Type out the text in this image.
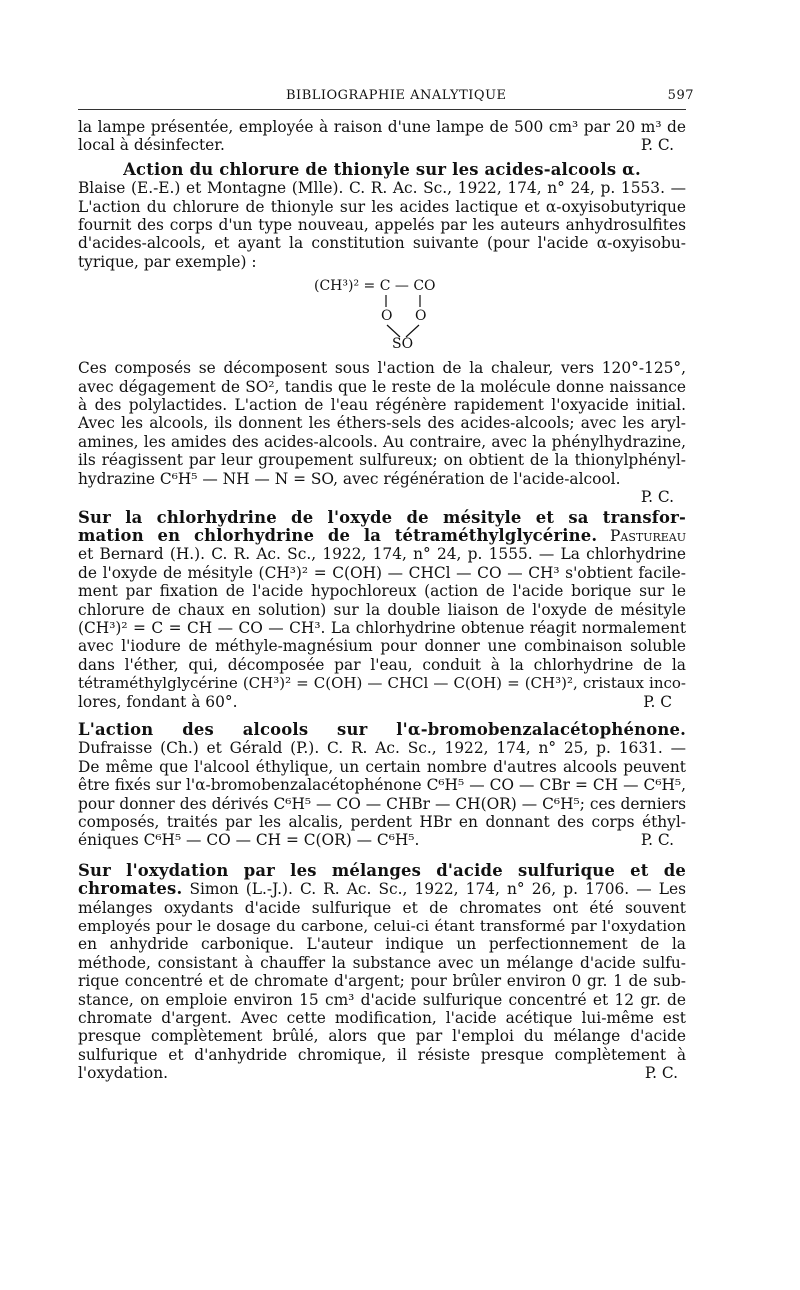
BIBLIOGRAPHIE ANALYTIQUE	597
la lampe présentée, employée à raison d'une lampe de 500 cm³ par 20 m³ de
local à désinfecter.	P. C.
Action du chlorure de thionyle sur les acides-alcools α.
Blaise (E.-E.) et Montagne (Mlle). C. R. Ac. Sc., 1922, 174, n° 24, p. 1553. —
L'action du chlorure de thionyle sur les acides lactique et α-oxyisobutyrique
fournit des corps d'un type nouveau, appelés par les auteurs anhydrosulfites
d'acides-alcools, et ayant la constitution suivante (pour l'acide α-oxyisobu-
tyrique, par exemple) :
(CH³)² = C — CO
O O
SO
Ces composés se décomposent sous l'action de la chaleur, vers 120°-125°,
avec dégagement de SO², tandis que le reste de la molécule donne naissance
à des polylactides. L'action de l'eau régénère rapidement l'oxyacide initial.
Avec les alcools, ils donnent les éthers-sels des acides-alcools; avec les aryl-
amines, les amides des acides-alcools. Au contraire, avec la phénylhydrazine,
ils réagissent par leur groupement sulfureux; on obtient de la thionylphényl-
hydrazine C⁶H⁵ — NH — N = SO, avec régénération de l'acide-alcool.
P. C.
Sur la chlorhydrine de l'oxyde de mésityle et sa transfor-
mation en chlorhydrine de la tétraméthylglycérine. Pastureau
et Bernard (H.). C. R. Ac. Sc., 1922, 174, n° 24, p. 1555. — La chlorhydrine
de l'oxyde de mésityle (CH³)² = C(OH) — CHCl — CO — CH³ s'obtient facile-
ment par fixation de l'acide hypochloreux (action de l'acide borique sur le
chlorure de chaux en solution) sur la double liaison de l'oxyde de mésityle
(CH³)² = C = CH — CO — CH³. La chlorhydrine obtenue réagit normalement
avec l'iodure de méthyle-magnésium pour donner une combinaison soluble
dans l'éther, qui, décomposée par l'eau, conduit à la chlorhydrine de la
tétraméthylglycérine (CH³)² = C(OH) — CHCl — C(OH) = (CH³)², cristaux inco-
lores, fondant à 60°.	P. C
L'action des alcools sur l'α-bromobenzalacétophénone.
Dufraisse (Ch.) et Gérald (P.). C. R. Ac. Sc., 1922, 174, n° 25, p. 1631. —
De même que l'alcool éthylique, un certain nombre d'autres alcools peuvent
être fixés sur l'α-bromobenzalacétophénone C⁶H⁵ — CO — CBr = CH — C⁶H⁵,
pour donner des dérivés C⁶H⁵ — CO — CHBr — CH(OR) — C⁶H⁵; ces derniers
composés, traités par les alcalis, perdent HBr en donnant des corps éthyl-
éniques C⁶H⁵ — CO — CH = C(OR) — C⁶H⁵.	P. C.
Sur l'oxydation par les mélanges d'acide sulfurique et de
chromates. Simon (L.-J.). C. R. Ac. Sc., 1922, 174, n° 26, p. 1706. — Les
mélanges oxydants d'acide sulfurique et de chromates ont été souvent
employés pour le dosage du carbone, celui-ci étant transformé par l'oxydation
en anhydride carbonique. L'auteur indique un perfectionnement de la
méthode, consistant à chauffer la substance avec un mélange d'acide sulfu-
rique concentré et de chromate d'argent; pour brûler environ 0 gr. 1 de sub-
stance, on emploie environ 15 cm³ d'acide sulfurique concentré et 12 gr. de
chromate d'argent. Avec cette modification, l'acide acétique lui-même est
presque complètement brûlé, alors que par l'emploi du mélange d'acide
sulfurique et d'anhydride chromique, il résiste presque complètement à
l'oxydation.	P. C.
